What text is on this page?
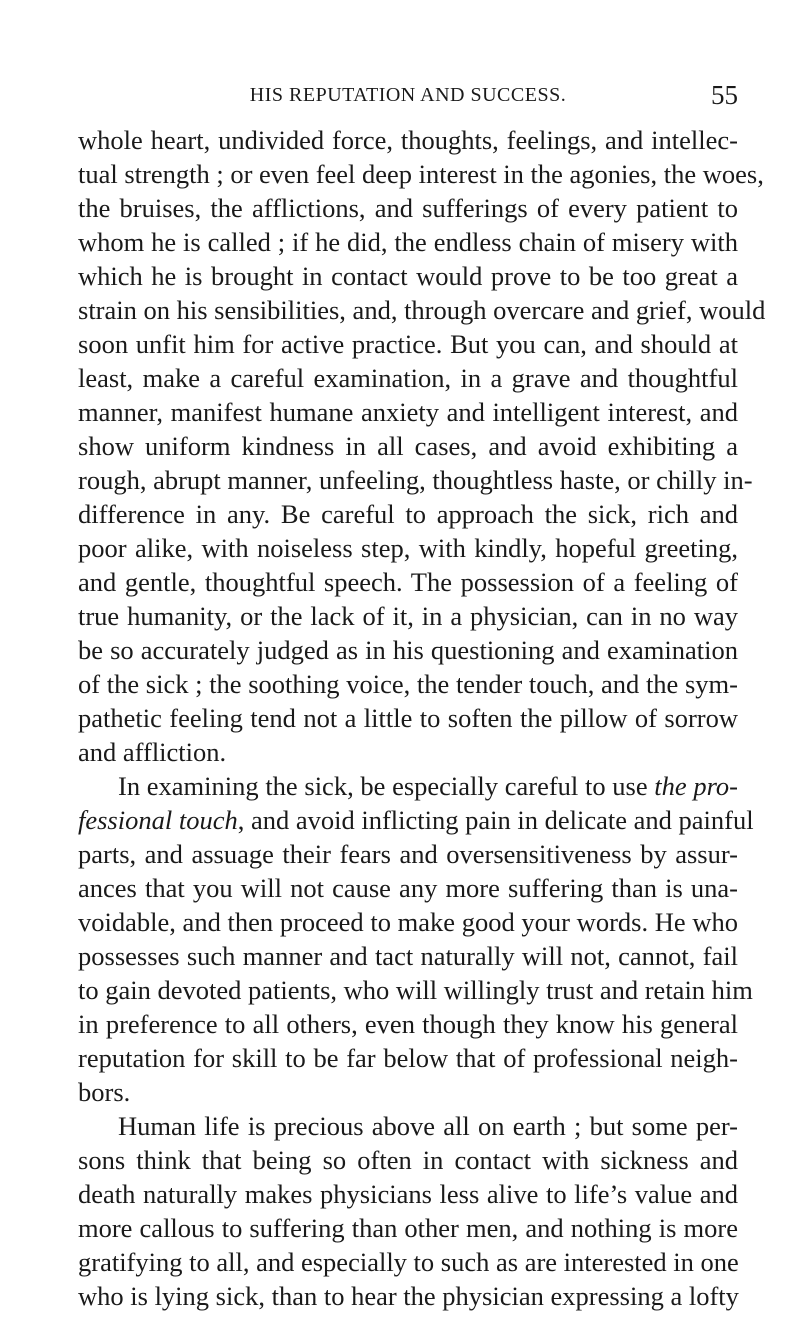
HIS REPUTATION AND SUCCESS.	55
whole heart, undivided force, thoughts, feelings, and intellec-
tual strength ; or even feel deep interest in the agonies, the woes,
the bruises, the afflictions, and sufferings of every patient to
whom he is called ; if he did, the endless chain of misery with
which he is brought in contact would prove to be too great a
strain on his sensibilities, and, through overcare and grief, would
soon unfit him for active practice. But you can, and should at
least, make a careful examination, in a grave and thoughtful
manner, manifest humane anxiety and intelligent interest, and
show uniform kindness in all cases, and avoid exhibiting a
rough, abrupt manner, unfeeling, thoughtless haste, or chilly in-
difference in any. Be careful to approach the sick, rich and
poor alike, with noiseless step, with kindly, hopeful greeting,
and gentle, thoughtful speech. The possession of a feeling of
true humanity, or the lack of it, in a physician, can in no way
be so accurately judged as in his questioning and examination
of the sick ; the soothing voice, the tender touch, and the sym-
pathetic feeling tend not a little to soften the pillow of sorrow
and affliction.
In examining the sick, be especially careful to use the pro-
fessional touch, and avoid inflicting pain in delicate and painful
parts, and assuage their fears and oversensitiveness by assur-
ances that you will not cause any more suffering than is una-
voidable, and then proceed to make good your words. He who
possesses such manner and tact naturally will not, cannot, fail
to gain devoted patients, who will willingly trust and retain him
in preference to all others, even though they know his general
reputation for skill to be far below that of professional neigh-
bors.
Human life is precious above all on earth ; but some per-
sons think that being so often in contact with sickness and
death naturally makes physicians less alive to life’s value and
more callous to suffering than other men, and nothing is more
gratifying to all, and especially to such as are interested in one
who is lying sick, than to hear the physician expressing a lofty
